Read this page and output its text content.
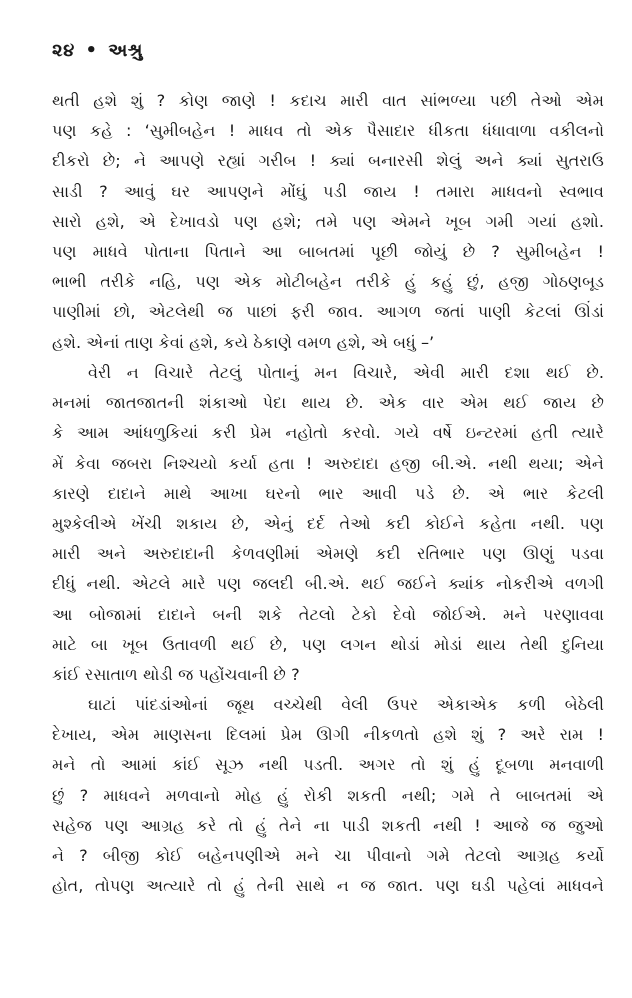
૨૪ • અશ્રુ
થતી હશે શું ? કોણ જાણે ! કદાચ મારી વાત સાંભળ્યા પછી તેઓ એમ
પણ કહે : ‘સુમીબહેન ! માધવ તો એક પૈસાદાર ધીકતા ધંધાવાળા વકીલનો
દીકરો છે; ને આપણે રહ્યાં ગરીબ ! ક્યાં બનારસી શેલું અને ક્યાં સુતરાઉ
સાડી ? આવું ઘર આપણને મોંઘું પડી જાય ! તમારા માધવનો સ્વભાવ
સારો હશે, એ દેખાવડો પણ હશે; તમે પણ એમને ખૂબ ગમી ગયાં હશો.
પણ માધવે પોતાના પિતાને આ બાબતમાં પૂછી જોયું છે ? સુમીબહેન !
ભાભી તરીકે નહિ, પણ એક મોટીબહેન તરીકે હું કહું છું, હજી ગોઠણબૂડ
પાણીમાં છો, એટલેથી જ પાછાં ફરી જાવ. આગળ જતાં પાણી કેટલાં ઊંડાં
હશે. એનાં તાણ કેવાં હશે, કયે ઠેકાણે વમળ હશે, એ બધું –’
વેરી ન વિચારે તેટલું પોતાનું મન વિચારે, એવી મારી દશા થઈ છે.
મનમાં જાતજાતની શંકાઓ પેદા થાય છે. એક વાર એમ થઈ જાય છે
કે આમ આંધળુકિયાં કરી પ્રેમ નહોતો કરવો. ગયે વર્ષે ઇન્ટરમાં હતી ત્યારે
મેં કેવા જબરા નિશ્ચયો કર્યા હતા ! અરુદાદા હજી બી.એ. નથી થયા; એને
કારણે દાદાને માથે આખા ઘરનો ભાર આવી પડે છે. એ ભાર કેટલી
મુશ્કેલીએ ખેંચી શકાય છે, એનું દર્દ તેઓ કદી કોઈને કહેતા નથી. પણ
મારી અને અરુદાદાની કેળવણીમાં એમણે કદી રતિભાર પણ ઊણું પડવા
દીધું નથી. એટલે મારે પણ જલદી બી.એ. થઈ જઈને ક્યાંક નોકરીએ વળગી
આ બોજામાં દાદાને બની શકે તેટલો ટેકો દેવો જોઈએ. મને પરણાવવા
માટે બા ખૂબ ઉતાવળી થઈ છે, પણ લગન થોડાં મોડાં થાય તેથી દુનિયા
કાંઈ રસાતાળ થોડી જ પહોંચવાની છે ?
ઘાટાં પાંદડાંઓનાં જૂથ વચ્ચેથી વેલી ઉપર એકાએક કળી બેઠેલી
દેખાય, એમ માણસના દિલમાં પ્રેમ ઊગી નીકળતો હશે શું ? અરે રામ !
મને તો આમાં કાંઈ સૂઝ નથી પડતી. અગર તો શું હું દૂબળા મનવાળી
છું ? માધવને મળવાનો મોહ હું રોકી શકતી નથી; ગમે તે બાબતમાં એ
સહેજ પણ આગ્રહ કરે તો હું તેને ના પાડી શકતી નથી ! આજે જ જુઓ
ને ? બીજી કોઈ બહેનપણીએ મને ચા પીવાનો ગમે તેટલો આગ્રહ કર્યો
હોત, તોપણ અત્યારે તો હું તેની સાથે ન જ જાત. પણ ઘડી પહેલાં માધવને
